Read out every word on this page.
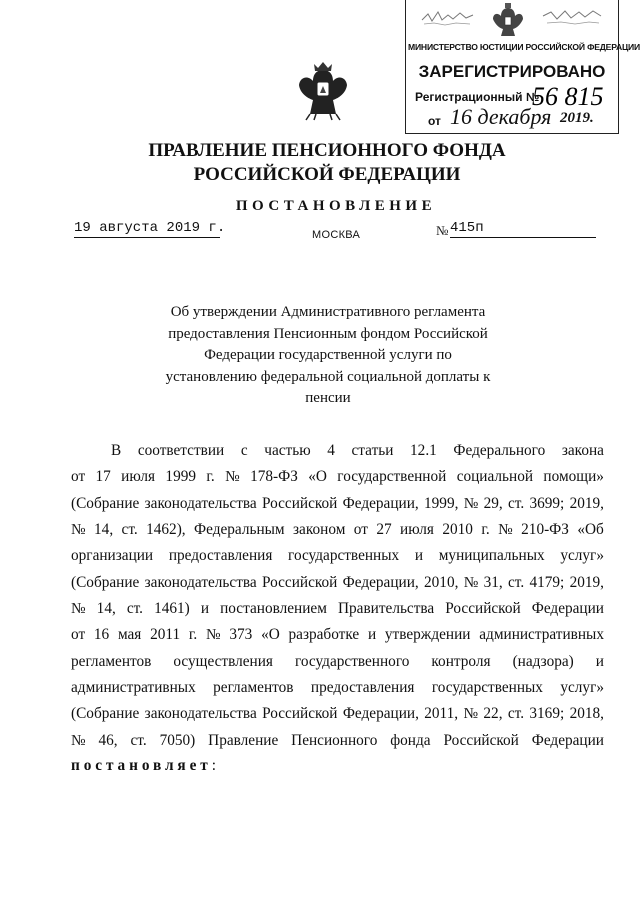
МИНИСТЕРСТВО ЮСТИЦИИ РОССИЙСКОЙ ФЕДЕРАЦИИ
ЗАРЕГИСТРИРОВАНО
Регистрационный №
56 815
от 16 декабря 2019.
ПРАВЛЕНИЕ ПЕНСИОННОГО ФОНДА
РОССИЙСКОЙ ФЕДЕРАЦИИ
ПОСТАНОВЛЕНИЕ
19 августа 2019 г.	МОСКВА	№ 415п
Об утверждении Административного регламента
предоставления Пенсионным фондом Российской
Федерации государственной услуги по
установлению федеральной социальной доплаты к
пенсии
В соответствии с частью 4 статьи 12.1 Федерального закона
от 17 июля 1999 г. № 178-ФЗ «О государственной социальной помощи»
(Собрание законодательства Российской Федерации, 1999, № 29, ст. 3699; 2019,
№ 14, ст. 1462), Федеральным законом от 27 июля 2010 г. № 210-ФЗ «Об
организации предоставления государственных и муниципальных услуг»
(Собрание законодательства Российской Федерации, 2010, № 31, ст. 4179; 2019,
№ 14, ст. 1461) и постановлением Правительства Российской Федерации
от 16 мая 2011 г. № 373 «О разработке и утверждении административных
регламентов осуществления государственного контроля (надзора) и
административных регламентов предоставления государственных услуг»
(Собрание законодательства Российской Федерации, 2011, № 22, ст. 3169; 2018,
№ 46, ст. 7050) Правление Пенсионного фонда Российской Федерации
постановляет:
